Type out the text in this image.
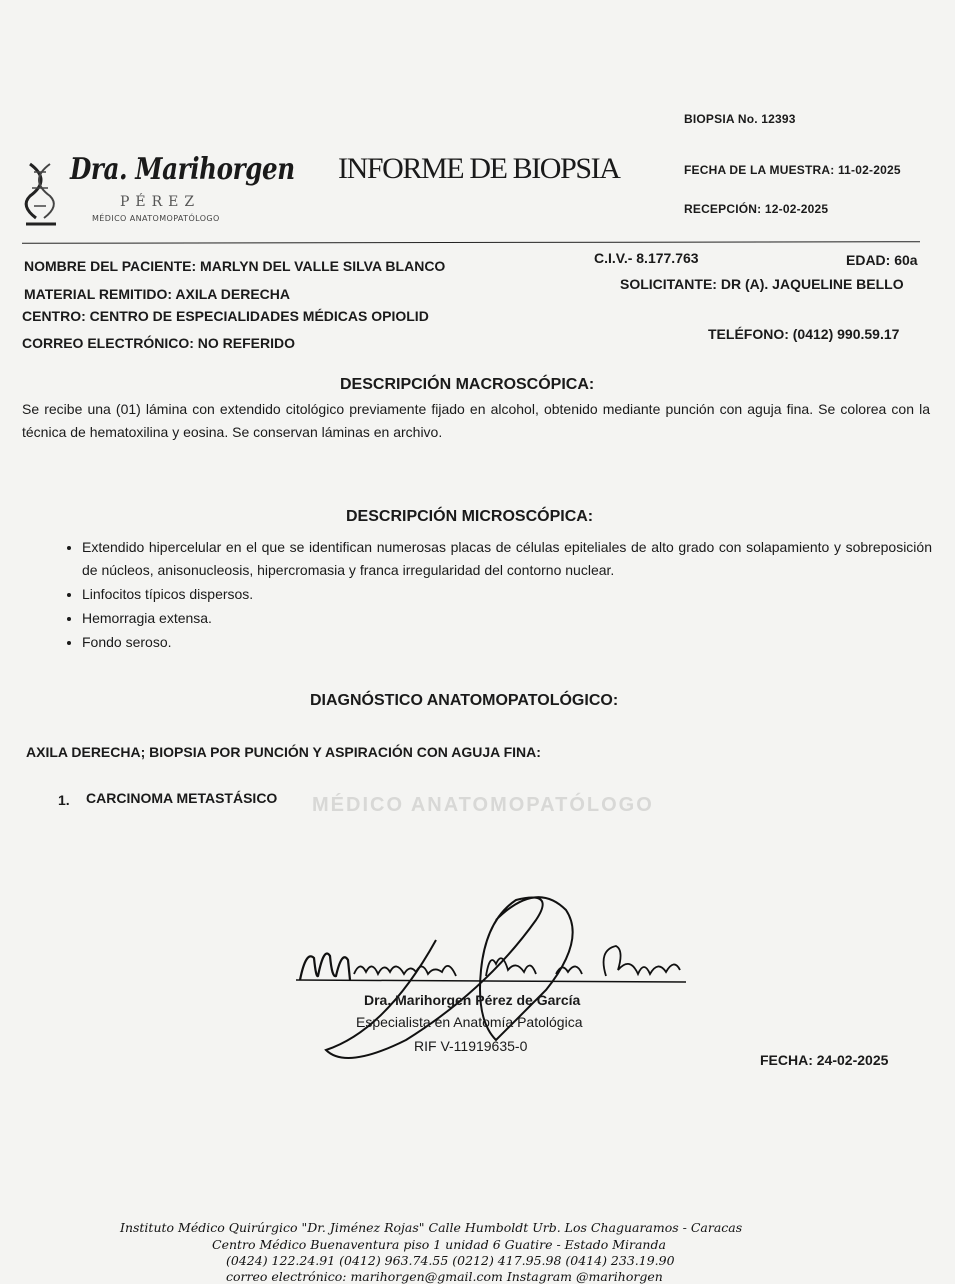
Dra. Marihorgen
PÉREZ
MÉDICO ANATOMOPATÓLOGO
INFORME DE BIOPSIA
BIOPSIA No. 12393
FECHA DE LA MUESTRA: 11-02-2025
RECEPCIÓN: 12-02-2025
NOMBRE DEL PACIENTE: MARLYN DEL VALLE SILVA BLANCO	C.I.V.- 8.177.763	EDAD: 60a
MATERIAL REMITIDO: AXILA DERECHA
SOLICITANTE: DR (A). JAQUELINE BELLO
CENTRO: CENTRO DE ESPECIALIDADES MÉDICAS OPIOLID
CORREO ELECTRÓNICO: NO REFERIDO
TELÉFONO: (0412) 990.59.17
DESCRIPCIÓN MACROSCÓPICA:
Se recibe una (01) lámina con extendido citológico previamente fijado en alcohol, obtenido mediante punción con aguja fina. Se colorea con la técnica de hematoxilina y eosina. Se conservan láminas en archivo.
DESCRIPCIÓN MICROSCÓPICA:
• Extendido hipercelular en el que se identifican numerosas placas de células epiteliales de alto grado con solapamiento y sobreposición de núcleos, anisonucleosis, hipercromasia y franca irregularidad del contorno nuclear.
• Linfocitos típicos dispersos.
• Hemorragia extensa.
• Fondo seroso.
DIAGNÓSTICO ANATOMOPATOLÓGICO:
AXILA DERECHA; BIOPSIA POR PUNCIÓN Y ASPIRACIÓN CON AGUJA FINA:
1. CARCINOMA METASTÁSICO MÉDICO ANATOMOPATÓLOGO
Dra. Marihorgen Pérez de García
Especialista en Anatomía Patológica
RIF V-11919635-0
FECHA: 24-02-2025
Instituto Médico Quirúrgico "Dr. Jiménez Rojas" Calle Humboldt Urb. Los Chaguaramos - Caracas
Centro Médico Buenaventura piso 1 unidad 6 Guatire - Estado Miranda
(0424) 122.24.91 (0412) 963.74.55 (0212) 417.95.98 (0414) 233.19.90
correo electrónico: marihorgen@gmail.com Instagram @marihorgen
